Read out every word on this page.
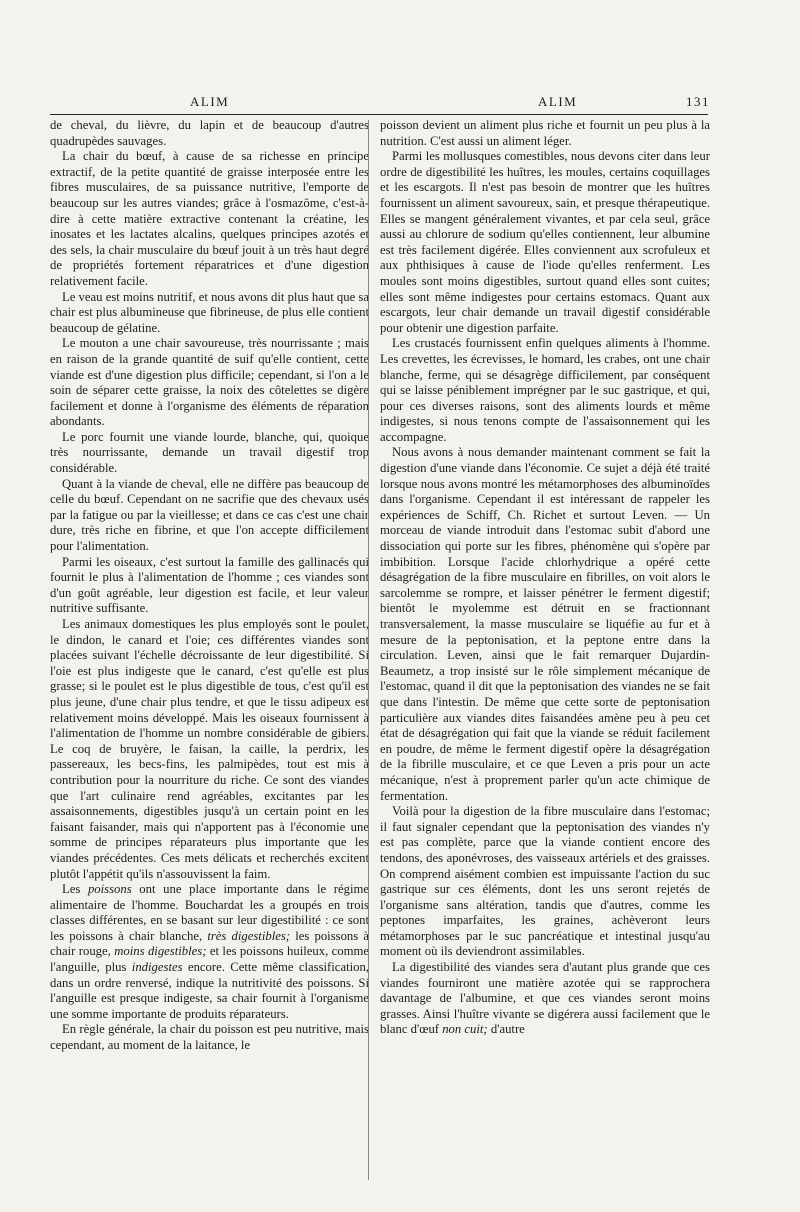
ALIM	ALIM	131

de cheval, du lièvre, du lapin et de beaucoup d'autres quadrupèdes sauvages.

La chair du bœuf, à cause de sa richesse en principe extractif, de la petite quantité de graisse interposée entre les fibres musculaires, de sa puissance nutritive, l'emporte de beaucoup sur les autres viandes; grâce à l'osmazôme, c'est-à-dire à cette matière extractive contenant la créatine, les inosates et les lactates alcalins, quelques principes azotés et des sels, la chair musculaire du bœuf jouit à un très haut degré de propriétés fortement réparatrices et d'une digestion relativement facile.

Le veau est moins nutritif, et nous avons dit plus haut que sa chair est plus albumineuse que fibrineuse, de plus elle contient beaucoup de gélatine.

Le mouton a une chair savoureuse, très nourrissante ; mais en raison de la grande quantité de suif qu'elle contient, cette viande est d'une digestion plus difficile; cependant, si l'on a le soin de séparer cette graisse, la noix des côtelettes se digère facilement et donne à l'organisme des éléments de réparation abondants.

Le porc fournit une viande lourde, blanche, qui, quoique très nourrissante, demande un travail digestif trop considérable.

Quant à la viande de cheval, elle ne diffère pas beaucoup de celle du bœuf. Cependant on ne sacrifie que des chevaux usés par la fatigue ou par la vieillesse; et dans ce cas c'est une chair dure, très riche en fibrine, et que l'on accepte difficilement pour l'alimentation.

Parmi les oiseaux, c'est surtout la famille des gallinacés qui fournit le plus à l'alimentation de l'homme ; ces viandes sont d'un goût agréable, leur digestion est facile, et leur valeur nutritive suffisante.

Les animaux domestiques les plus employés sont le poulet, le dindon, le canard et l'oie; ces différentes viandes sont placées suivant l'échelle décroissante de leur digestibilité. Si l'oie est plus indigeste que le canard, c'est qu'elle est plus grasse; si le poulet est le plus digestible de tous, c'est qu'il est plus jeune, d'une chair plus tendre, et que le tissu adipeux est relativement moins développé. Mais les oiseaux fournissent à l'alimentation de l'homme un nombre considérable de gibiers. Le coq de bruyère, le faisan, la caille, la perdrix, les passereaux, les becs-fins, les palmipèdes, tout est mis à contribution pour la nourriture du riche. Ce sont des viandes que l'art culinaire rend agréables, excitantes par les assaisonnements, digestibles jusqu'à un certain point en les faisant faisander, mais qui n'apportent pas à l'économie une somme de principes réparateurs plus importante que les viandes précédentes. Ces mets délicats et recherchés excitent plutôt l'appétit qu'ils n'assouvissent la faim.

Les poissons ont une place importante dans le régime alimentaire de l'homme. Bouchardat les a groupés en trois classes différentes, en se basant sur leur digestibilité : ce sont les poissons à chair blanche, très digestibles; les poissons à chair rouge, moins digestibles; et les poissons huileux, comme l'anguille, plus indigestes encore. Cette même classification, dans un ordre renversé, indique la nutritivité des poissons. Si l'anguille est presque indigeste, sa chair fournit à l'organisme une somme importante de produits réparateurs.

En règle générale, la chair du poisson est peu nutritive, mais cependant, au moment de la laitance, le

poisson devient un aliment plus riche et fournit un peu plus à la nutrition. C'est aussi un aliment léger.

Parmi les mollusques comestibles, nous devons citer dans leur ordre de digestibilité les huîtres, les moules, certains coquillages et les escargots. Il n'est pas besoin de montrer que les huîtres fournissent un aliment savoureux, sain, et presque thérapeutique. Elles se mangent généralement vivantes, et par cela seul, grâce aussi au chlorure de sodium qu'elles contiennent, leur albumine est très facilement digérée. Elles conviennent aux scrofuleux et aux phthisiques à cause de l'iode qu'elles renferment. Les moules sont moins digestibles, surtout quand elles sont cuites; elles sont même indigestes pour certains estomacs. Quant aux escargots, leur chair demande un travail digestif considérable pour obtenir une digestion parfaite.

Les crustacés fournissent enfin quelques aliments à l'homme. Les crevettes, les écrevisses, le homard, les crabes, ont une chair blanche, ferme, qui se désagrège difficilement, par conséquent qui se laisse péniblement imprégner par le suc gastrique, et qui, pour ces diverses raisons, sont des aliments lourds et même indigestes, si nous tenons compte de l'assaisonnement qui les accompagne.

Nous avons à nous demander maintenant comment se fait la digestion d'une viande dans l'économie. Ce sujet a déjà été traité lorsque nous avons montré les métamorphoses des albuminoïdes dans l'organisme. Cependant il est intéressant de rappeler les expériences de Schiff, Ch. Richet et surtout Leven. — Un morceau de viande introduit dans l'estomac subit d'abord une dissociation qui porte sur les fibres, phénomène qui s'opère par imbibition. Lorsque l'acide chlorhydrique a opéré cette désagrégation de la fibre musculaire en fibrilles, on voit alors le sarcolemme se rompre, et laisser pénétrer le ferment digestif; bientôt le myolemme est détruit en se fractionnant transversalement, la masse musculaire se liquéfie au fur et à mesure de la peptonisation, et la peptone entre dans la circulation. Leven, ainsi que le fait remarquer Dujardin-Beaumetz, a trop insisté sur le rôle simplement mécanique de l'estomac, quand il dit que la peptonisation des viandes ne se fait que dans l'intestin. De même que cette sorte de peptonisation particulière aux viandes dites faisandées amène peu à peu cet état de désagrégation qui fait que la viande se réduit facilement en poudre, de même le ferment digestif opère la désagrégation de la fibrille musculaire, et ce que Leven a pris pour un acte mécanique, n'est à proprement parler qu'un acte chimique de fermentation.

Voilà pour la digestion de la fibre musculaire dans l'estomac; il faut signaler cependant que la peptonisation des viandes n'y est pas complète, parce que la viande contient encore des tendons, des aponévroses, des vaisseaux artériels et des graisses. On comprend aisément combien est impuissante l'action du suc gastrique sur ces éléments, dont les uns seront rejetés de l'organisme sans altération, tandis que d'autres, comme les peptones imparfaites, les graines, achèveront leurs métamorphoses par le suc pancréatique et intestinal jusqu'au moment où ils deviendront assimilables.

La digestibilité des viandes sera d'autant plus grande que ces viandes fourniront une matière azotée qui se rapprochera davantage de l'albumine, et que ces viandes seront moins grasses. Ainsi l'huître vivante se digérera aussi facilement que le blanc d'œuf non cuit; d'autre
